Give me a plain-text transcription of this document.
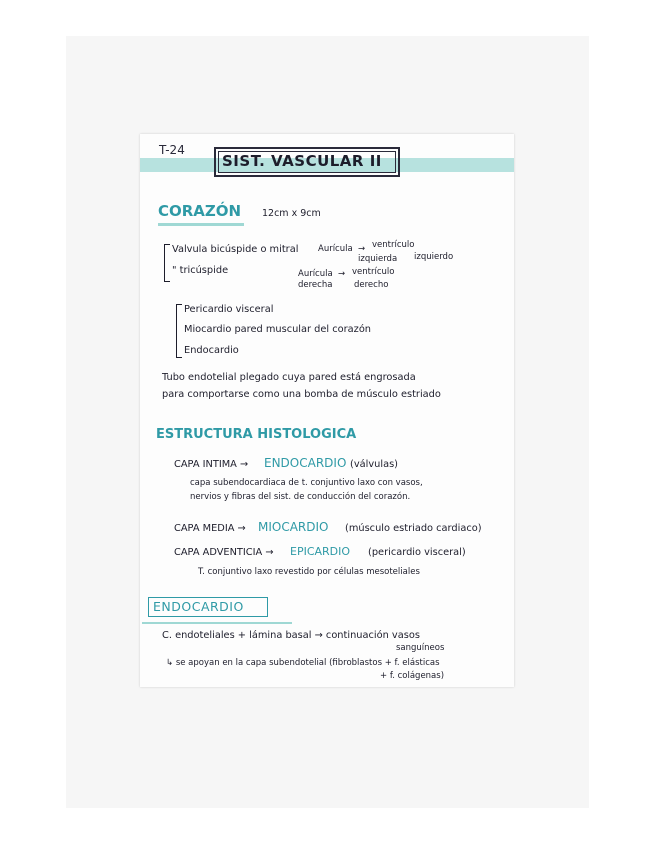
T-24
SIST. VASCULAR II
CORAZÓN 12cm x 9cm
Valvula bicúspide o mitral Aurícula → ventrículo
izquierda izquierdo
" tricúspide	Aurícula → ventrículo
derecha	derecho
Pericardio visceral
Miocardio pared muscular del corazón
Endocardio
Tubo endotelial plegado cuya pared está engrosada
para comportarse como una bomba de músculo estriado
ESTRUCTURA HISTOLOGICA
CAPA INTIMA → ENDOCARDIO (válvulas)
capa subendocardiaca de t. conjuntivo laxo con vasos,
nervios y fibras del sist. de conducción del corazón.
CAPA MEDIA → MIOCARDIO (músculo estriado cardiaco)
CAPA ADVENTICIA → EPICARDIO (pericardio visceral)
T. conjuntivo laxo revestido por células mesoteliales
ENDOCARDIO
C. endoteliales + lámina basal → continuación vasos
sanguíneos
↳ se apoyan en la capa subendotelial (fibroblastos + f. elásticas
+ f. colágenas)
